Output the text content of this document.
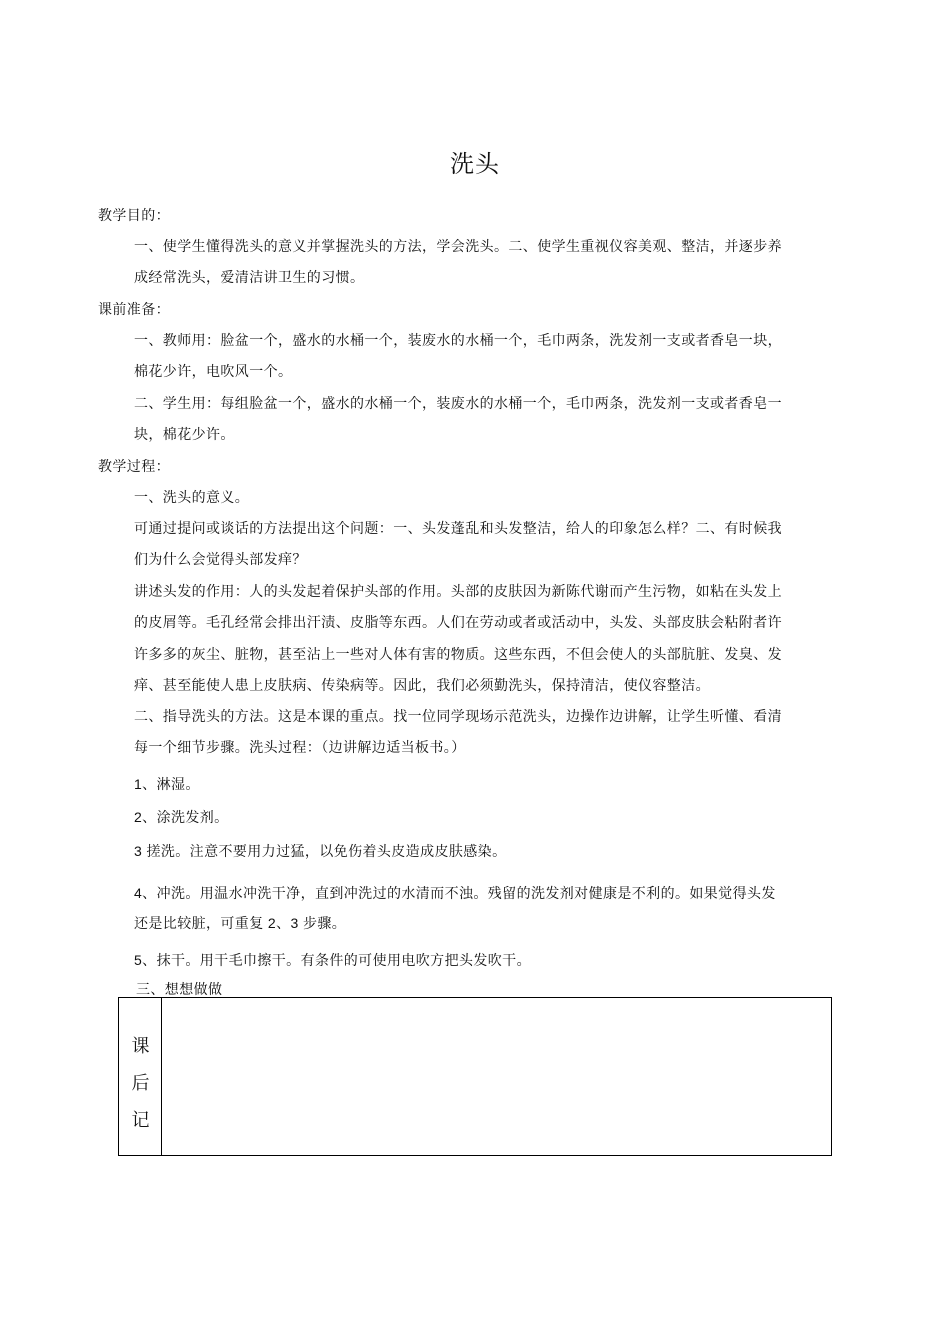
洗头
教学目的：
一、使学生懂得洗头的意义并掌握洗头的方法，学会洗头。二、使学生重视仪容美观、整洁，并逐步养
成经常洗头，爱清洁讲卫生的习惯。
课前准备：
一、教师用：脸盆一个，盛水的水桶一个，装废水的水桶一个，毛巾两条，洗发剂一支或者香皂一块，
棉花少许，电吹风一个。
二、学生用：每组脸盆一个，盛水的水桶一个，装废水的水桶一个，毛巾两条，洗发剂一支或者香皂一
块，棉花少许。
教学过程：
一、洗头的意义。
可通过提问或谈话的方法提出这个问题：一、头发蓬乱和头发整洁，给人的印象怎么样？二、有时候我
们为什么会觉得头部发痒？
讲述头发的作用：人的头发起着保护头部的作用。头部的皮肤因为新陈代谢而产生污物，如粘在头发上
的皮屑等。毛孔经常会排出汗渍、皮脂等东西。人们在劳动或者或活动中，头发、头部皮肤会粘附者许
许多多的灰尘、脏物，甚至沾上一些对人体有害的物质。这些东西，不但会使人的头部肮脏、发臭、发
痒、甚至能使人患上皮肤病、传染病等。因此，我们必须勤洗头，保持清洁，使仪容整洁。
二、指导洗头的方法。这是本课的重点。找一位同学现场示范洗头，边操作边讲解，让学生听懂、看清
每一个细节步骤。洗头过程：（边讲解边适当板书。）
1、淋湿。
2、涂洗发剂。
3 搓洗。注意不要用力过猛，以免伤着头皮造成皮肤感染。
4、冲洗。用温水冲洗干净，直到冲洗过的水清而不浊。残留的洗发剂对健康是不利的。如果觉得头发
还是比较脏，可重复 2、3 步骤。
5、抹干。用干毛巾擦干。有条件的可使用电吹方把头发吹干。
三、想想做做
课
后
记
